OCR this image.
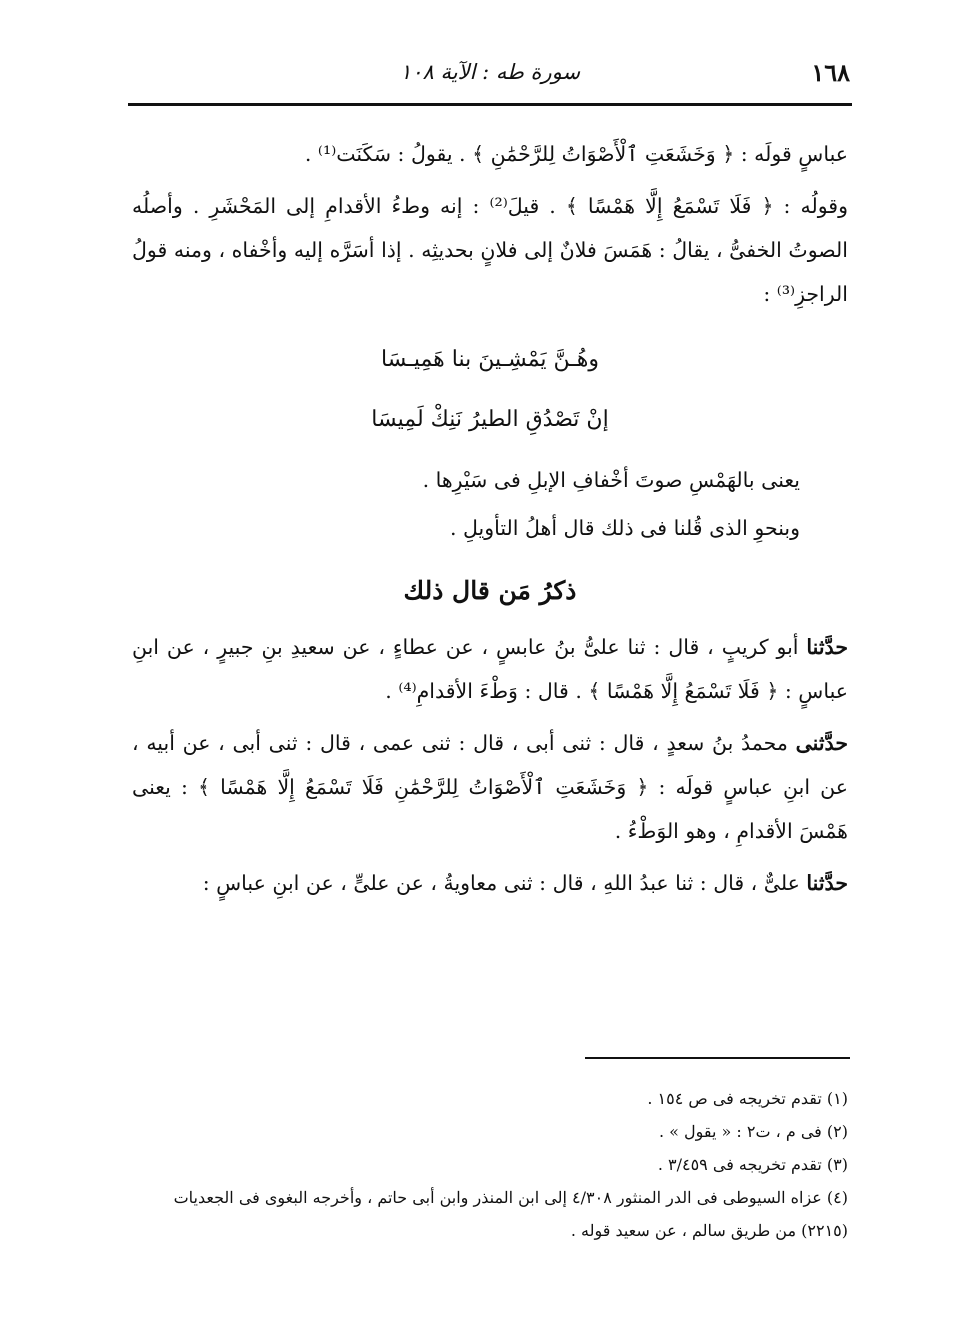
١٦٨
سورة طه : الآية ١٠٨

عباسٍ قولَه : ﴿ وَخَشَعَتِ ٱلْأَصْوَاتُ لِلرَّحْمَٰنِ ﴾ . يقولُ : سَكَنَت⁽¹⁾ .

وقولُه : ﴿ فَلَا تَسْمَعُ إِلَّا هَمْسًا ﴾ . قيلَ⁽²⁾ : إنه وطءُ الأقدامِ إلى المَحْشَرِ . وأصلُه الصوتُ الخفىُّ ، يقالُ : هَمَسَ فلانٌ إلى فلانٍ بحديثِه . إذا أسَرَّه إليه وأخْفاه ، ومنه قولُ الراجزِ⁽³⁾ :

وهُـنَّ يَمْشِـينَ بنا هَمِيـسَا

إنْ تَصْدُقِ الطيرُ نَنِكْ لَمِيسَا

يعنى بالهَمْسِ صوتَ أخْفافِ الإبلِ فى سَيْرِها .

وبنحوِ الذى قُلنا فى ذلك قال أهلُ التأويلِ .

ذكرُ مَن قال ذلك

حدَّثنا أبو كريبٍ ، قال : ثنا علىُّ بنُ عابسٍ ، عن عطاءٍ ، عن سعيدِ بنِ جبيرٍ ، عن ابنِ عباسٍ : ﴿ فَلَا تَسْمَعُ إِلَّا هَمْسًا ﴾ . قال : وَطْءَ الأقدامِ⁽⁴⁾ .

حدَّثنى محمدُ بنُ سعدٍ ، قال : ثنى أبى ، قال : ثنى عمى ، قال : ثنى أبى ، عن أبيه ، عن ابنِ عباسٍ قولَه : ﴿ وَخَشَعَتِ ٱلْأَصْوَاتُ لِلرَّحْمَٰنِ فَلَا تَسْمَعُ إِلَّا هَمْسًا ﴾ : يعنى هَمْسَ الأقدامِ ، وهو الوَطْءُ .

حدَّثنا علىٌّ ، قال : ثنا عبدُ اللهِ ، قال : ثنى معاويةُ ، عن علىٍّ ، عن ابنِ عباسٍ :

(١) تقدم تخريجه فى ص ١٥٤ .

(٢) فى م ، ت٢ : « يقول » .

(٣) تقدم تخريجه فى ٣/٤٥٩ .

(٤) عزاه السيوطى فى الدر المنثور ٤/٣٠٨ إلى ابن المنذر وابن أبى حاتم ، وأخرجه البغوى فى الجعديات (٢٢١٥) من طريق سالم ، عن سعيد قوله .
